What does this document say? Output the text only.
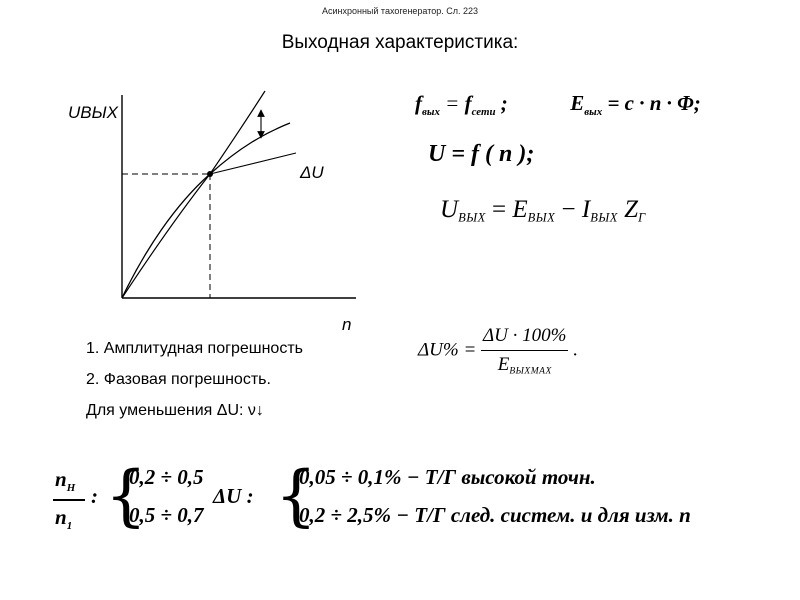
Асинхронный тахогенератор. Сл. 223
Выходная характеристика:
UВЫХ
n
ΔU
$f_{вых} = f_{сети}$ ;	$E_{вых} = c \cdot n \cdot \Phi$;
U = f ( n );
UВЫХ = EВЫХ − IВЫХ ZГ
1. Амплитудная погрешность
2. Фазовая погрешность.
Для уменьшения ΔU: ν↓
$\Delta U\% = \frac{\Delta U \cdot 100\%}{\text{EВЫХMAX}}$ .
$n_Н$
$n_1$
: {
0,2 ÷ 0,5
0,5 ÷ 0,7
ΔU : {
0,05 ÷ 0,1% − Т/Г высокой точн.
0,2 ÷ 2,5% − Т/Г след. систем. и для изм. n
